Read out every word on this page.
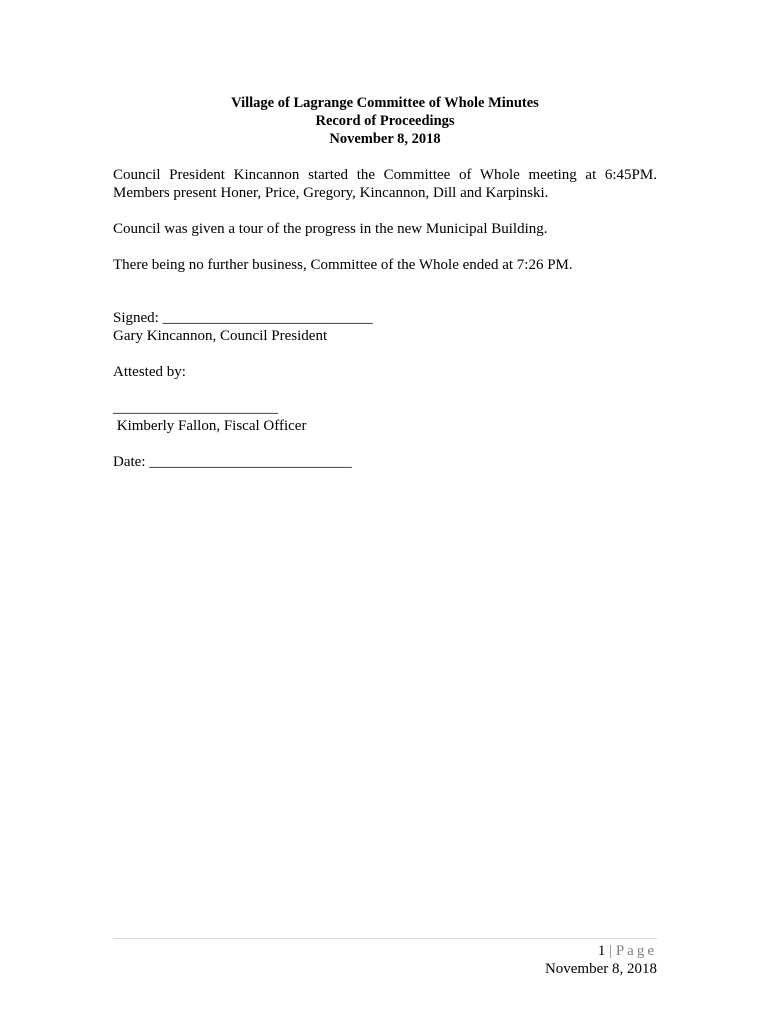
Village of Lagrange Committee of Whole Minutes

Record of Proceedings

November 8, 2018

Council President Kincannon started the Committee of Whole meeting at 6:45PM. Members present Honer, Price, Gregory, Kincannon, Dill and Karpinski.

Council was given a tour of the progress in the new Municipal Building.

There being no further business, Committee of the Whole ended at 7:26 PM.

Signed: ____________________________

Gary Kincannon, Council President

Attested by:

______________________

Kimberly Fallon, Fiscal Officer

Date: ___________________________

1 | Page
November 8, 2018
